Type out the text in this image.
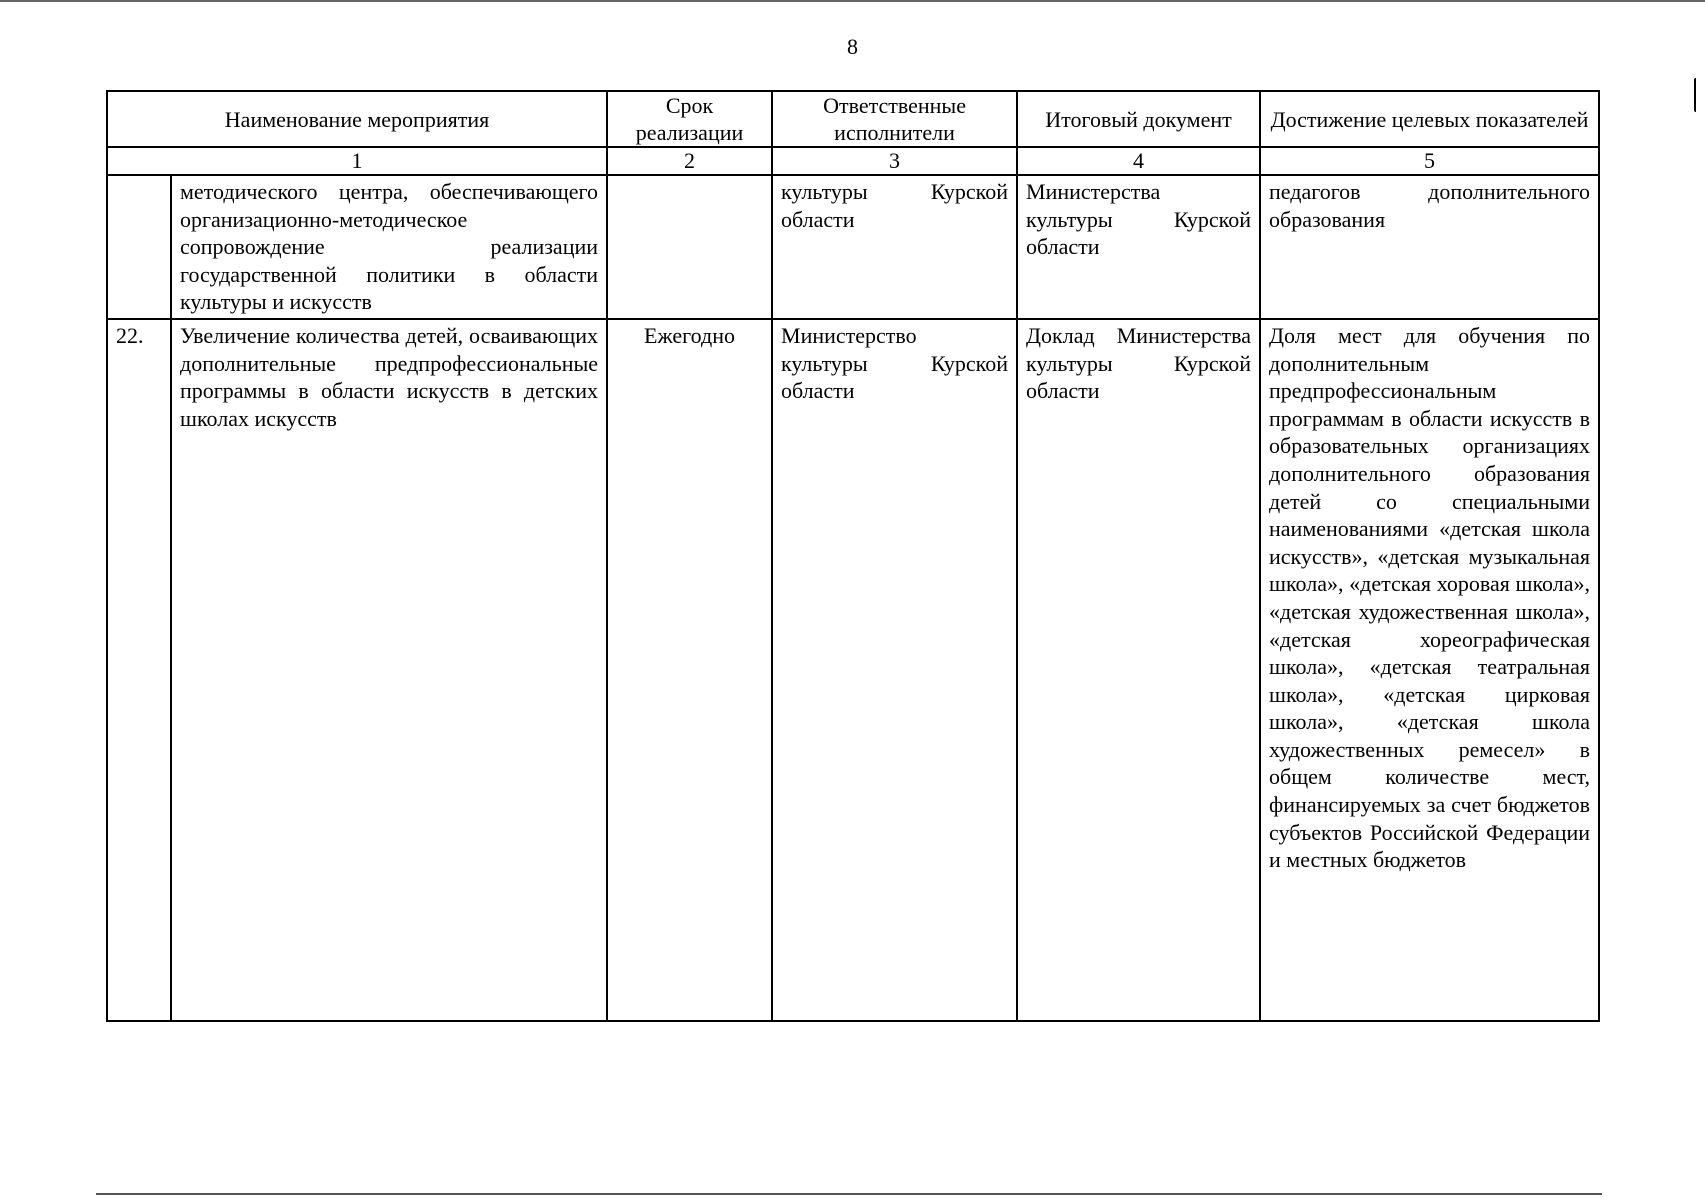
8
Наименование мероприятия		Срок реализации	Ответственные исполнители	Итоговый документ	Достижение целевых показателей
1		2	3	4	5
	методического центра, обеспечивающего организационно-методическое сопровождение реализации государственной политики в области культуры и искусств		культуры Курской области	Министерства культуры Курской области	педагогов дополнительного образования
22.	Увеличение количества детей, осваивающих дополнительные предпрофессиональные программы в области искусств в детских школах искусств	Ежегодно	Министерство культуры Курской области	Доклад Министерства культуры Курской области	Доля мест для обучения по дополнительным предпрофессиональным программам в области искусств в образовательных организациях дополнительного образования детей со специальными наименованиями «детская школа искусств», «детская музыкальная школа», «детская хоровая школа», «детская художественная школа», «детская хореографическая школа», «детская театральная школа», «детская цирковая школа», «детская школа художественных ремесел» в общем количестве мест, финансируемых за счет бюджетов субъектов Российской Федерации и местных бюджетов
